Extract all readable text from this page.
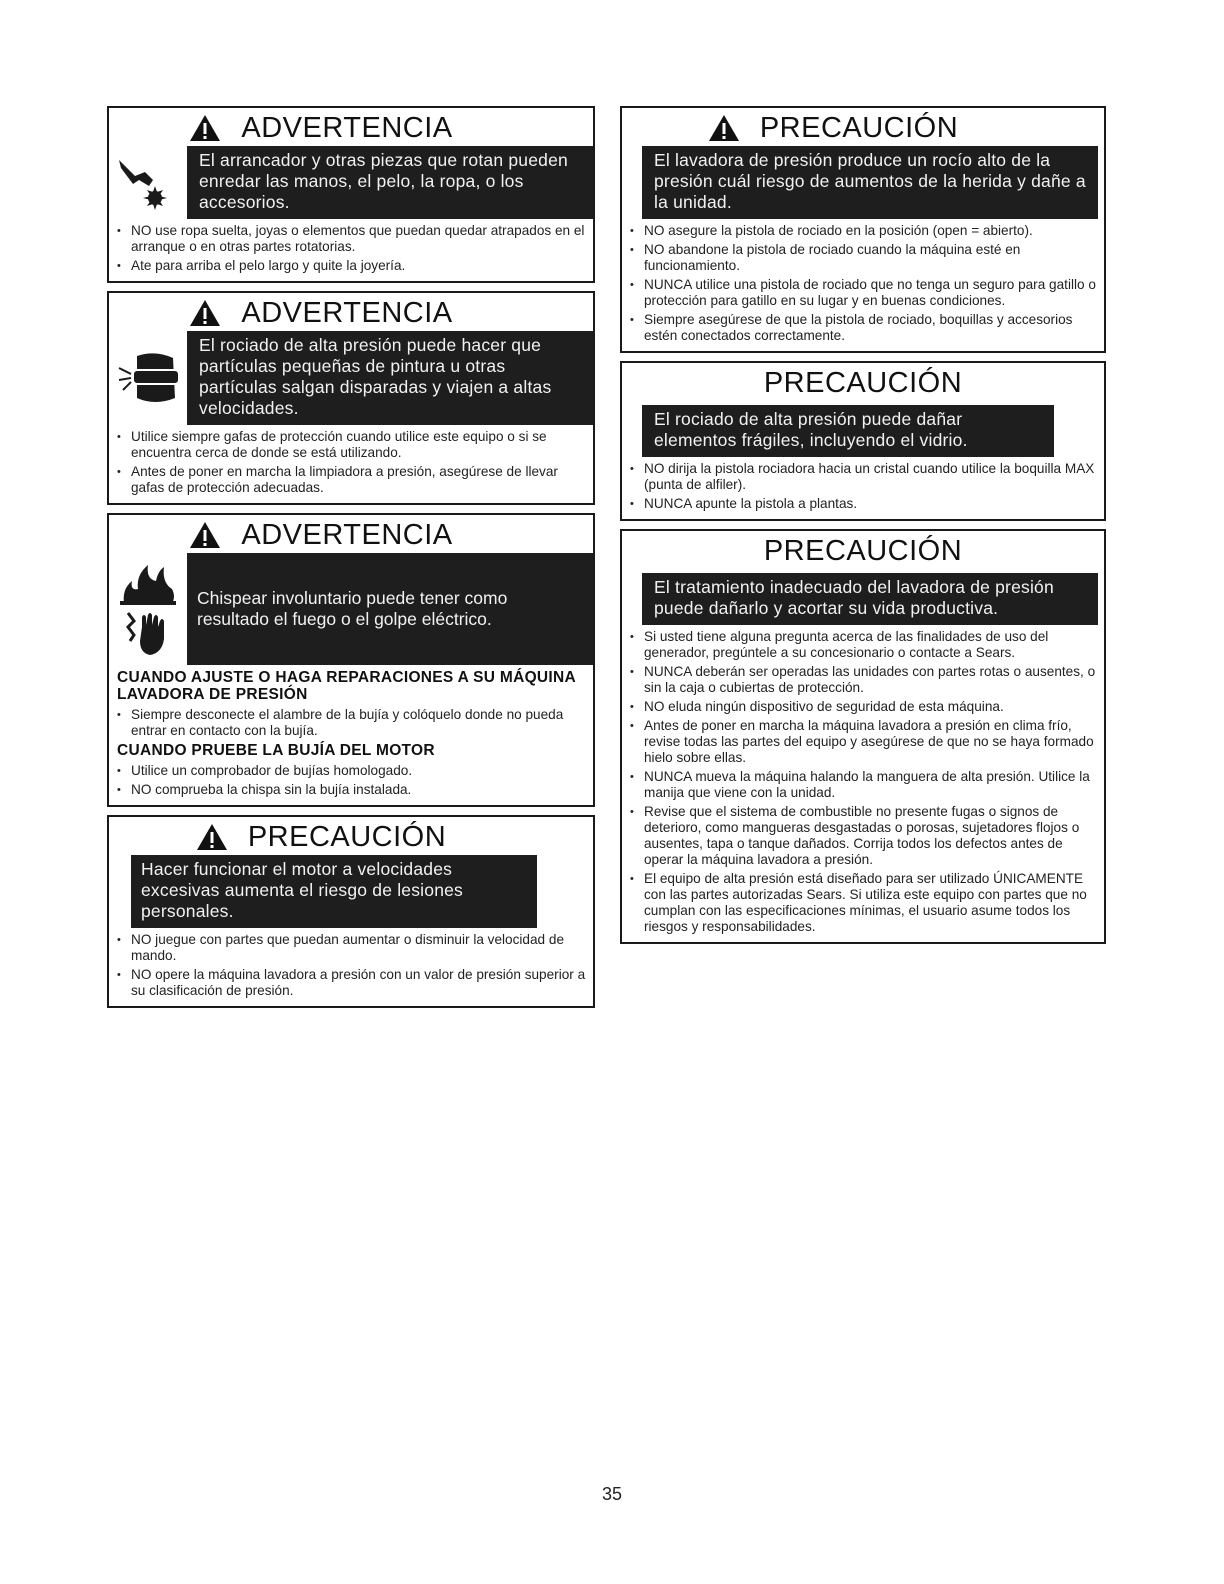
ADVERTENCIA
El arrancador y otras piezas que rotan pueden enredar las manos, el pelo, la ropa, o los accesorios.
• NO use ropa suelta, joyas o elementos que puedan quedar atrapados en el arranque o en otras partes rotatorias.
• Ate para arriba el pelo largo y quite la joyería.
ADVERTENCIA
El rociado de alta presión puede hacer que partículas pequeñas de pintura u otras partículas salgan disparadas y viajen a altas velocidades.
• Utilice siempre gafas de protección cuando utilice este equipo o si se encuentra cerca de donde se está utilizando.
• Antes de poner en marcha la limpiadora a presión, asegúrese de llevar gafas de protección adecuadas.
ADVERTENCIA
Chispear involuntario puede tener como resultado el fuego o el golpe eléctrico.
CUANDO AJUSTE O HAGA REPARACIONES A SU MÁQUINA LAVADORA DE PRESIÓN
• Siempre desconecte el alambre de la bujía y colóquelo donde no pueda entrar en contacto con la bujía.
CUANDO PRUEBE LA BUJÍA DEL MOTOR
• Utilice un comprobador de bujías homologado.
• NO comprueba la chispa sin la bujía instalada.
PRECAUCIÓN
Hacer funcionar el motor a velocidades excesivas aumenta el riesgo de lesiones personales.
• NO juegue con partes que puedan aumentar o disminuir la velocidad de mando.
• NO opere la máquina lavadora a presión con un valor de presión superior a su clasificación de presión.
PRECAUCIÓN
El lavadora de presión produce un rocío alto de la presión cuál riesgo de aumentos de la herida y dañe a la unidad.
• NO asegure la pistola de rociado en la posición (open = abierto).
• NO abandone la pistola de rociado cuando la máquina esté en funcionamiento.
• NUNCA utilice una pistola de rociado que no tenga un seguro para gatillo o protección para gatillo en su lugar y en buenas condiciones.
• Siempre asegúrese de que la pistola de rociado, boquillas y accesorios estén conectados correctamente.
PRECAUCIÓN
El rociado de alta presión puede dañar elementos frágiles, incluyendo el vidrio.
• NO dirija la pistola rociadora hacia un cristal cuando utilice la boquilla MAX (punta de alfiler).
• NUNCA apunte la pistola a plantas.
PRECAUCIÓN
El tratamiento inadecuado del lavadora de presión puede dañarlo y acortar su vida productiva.
• Si usted tiene alguna pregunta acerca de las finalidades de uso del generador, pregúntele a su concesionario o contacte a Sears.
• NUNCA deberán ser operadas las unidades con partes rotas o ausentes, o sin la caja o cubiertas de protección.
• NO eluda ningún dispositivo de seguridad de esta máquina.
• Antes de poner en marcha la máquina lavadora a presión en clima frío, revise todas las partes del equipo y asegúrese de que no se haya formado hielo sobre ellas.
• NUNCA mueva la máquina halando la manguera de alta presión. Utilice la manija que viene con la unidad.
• Revise que el sistema de combustible no presente fugas o signos de deterioro, como mangueras desgastadas o porosas, sujetadores flojos o ausentes, tapa o tanque dañados. Corrija todos los defectos antes de operar la máquina lavadora a presión.
• El equipo de alta presión está diseñado para ser utilizado ÚNICAMENTE con las partes autorizadas Sears. Si utiliza este equipo con partes que no cumplan con las especificaciones mínimas, el usuario asume todos los riesgos y responsabilidades.
35
